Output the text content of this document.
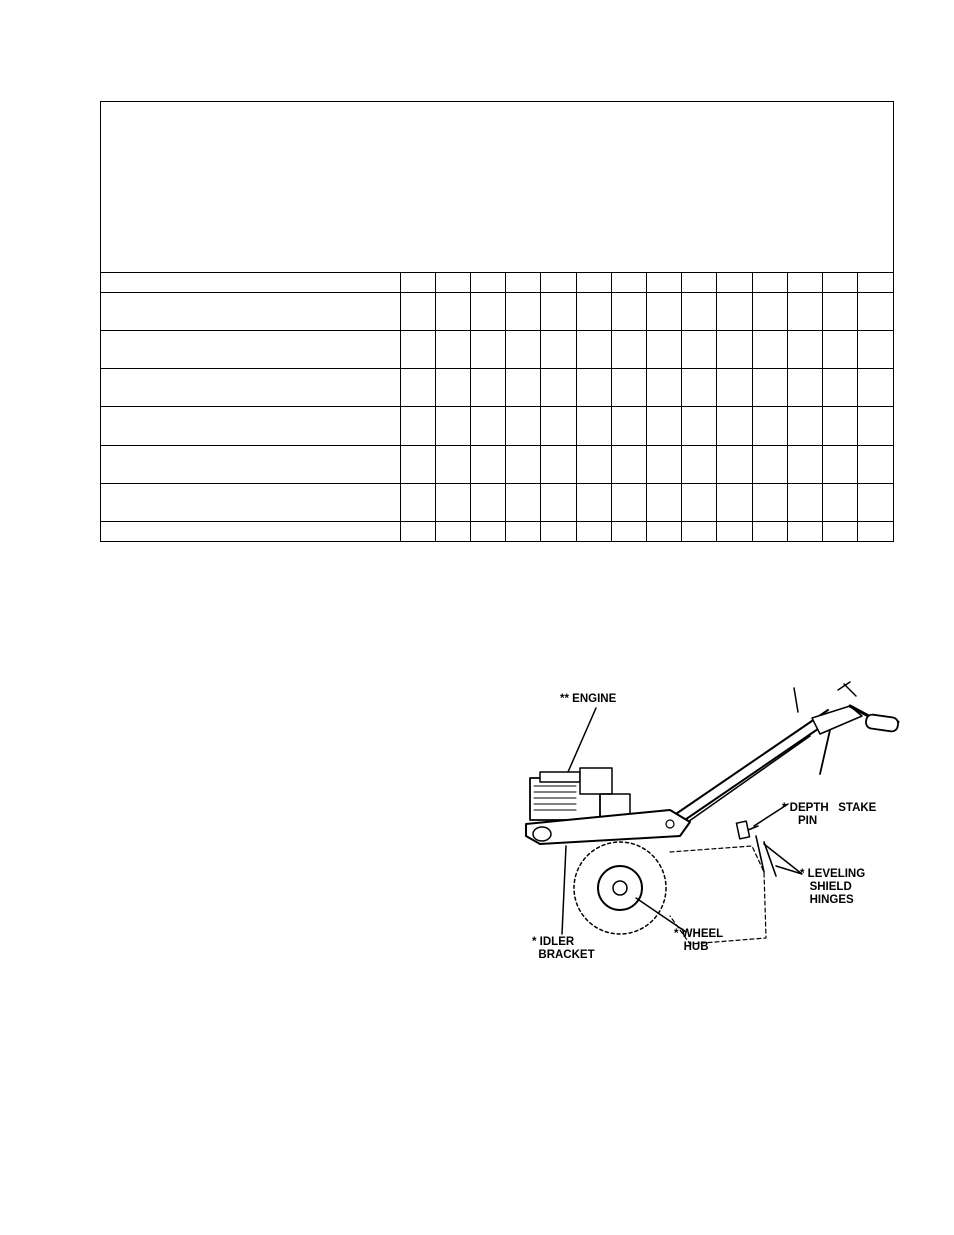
** ENGINE
* DEPTH   STAKE
PIN
* LEVELING
SHIELD
HINGES
* IDLER
BRACKET
* WHEEL
HUB
